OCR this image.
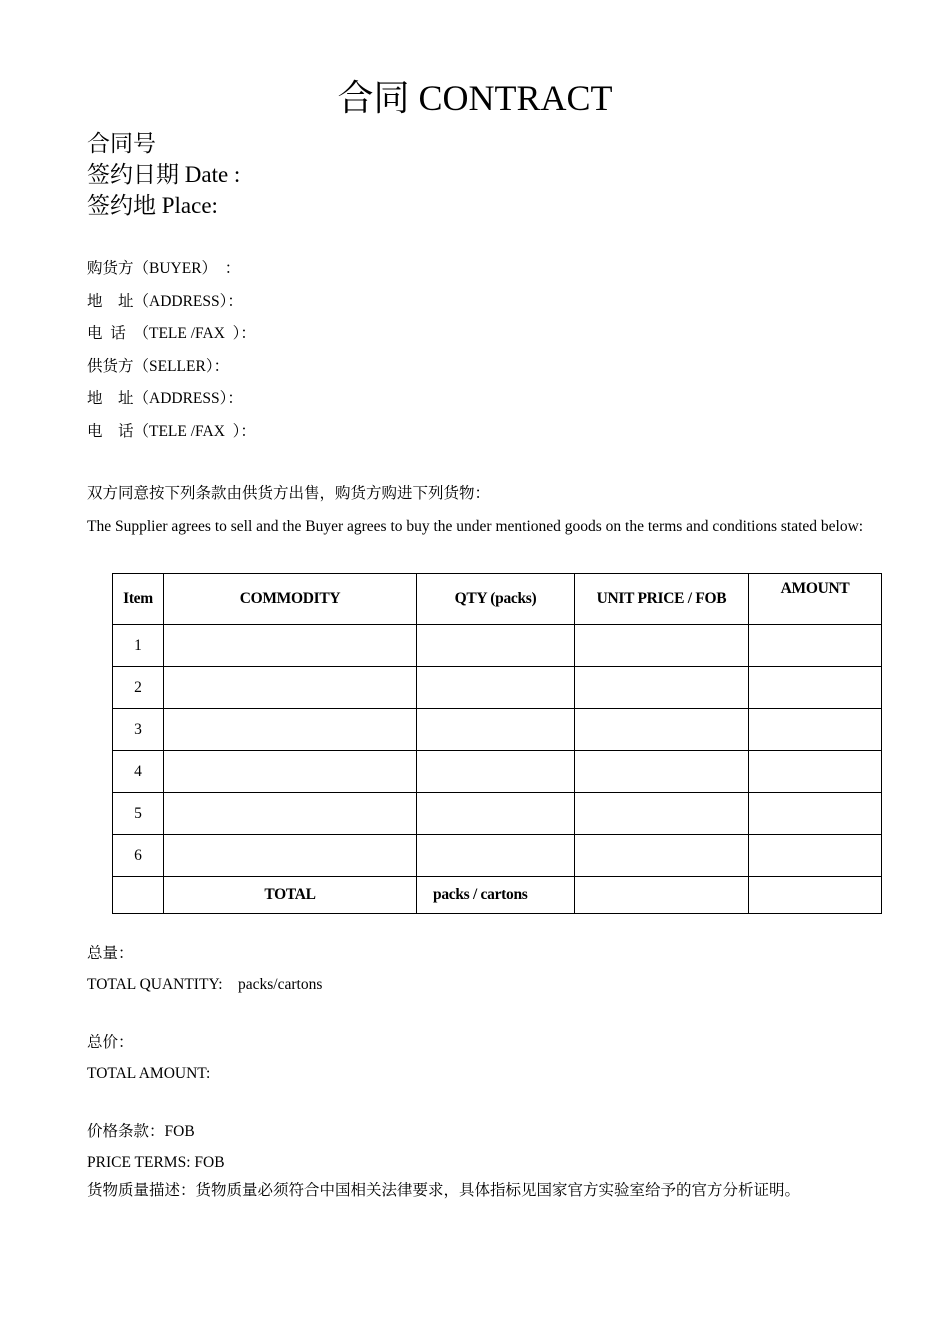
合同 CONTRACT
合同号
签约日期 Date :
签约地 Place:
购货方（BUYER）  ：
地    址（ADDRESS）：
电  话  （TELE /FAX  ）：
供货方（SELLER）：
地    址（ADDRESS）：
电    话（TELE /FAX  ）：
双方同意按下列条款由供货方出售，购货方购进下列货物：
The Supplier agrees to sell and the Buyer agrees to buy the under mentioned goods on the terms and conditions stated below:
Item	COMMODITY	QTY (packs)	UNIT PRICE / FOB	AMOUNT
1				
2				
3				
4				
5				
6				
	TOTAL	packs / cartons		
总量：
TOTAL QUANTITY:    packs/cartons
总价：
TOTAL AMOUNT:
价格条款：FOB
PRICE TERMS: FOB
货物质量描述：货物质量必须符合中国相关法律要求，具体指标见国家官方实验室给予的官方分析证明。
